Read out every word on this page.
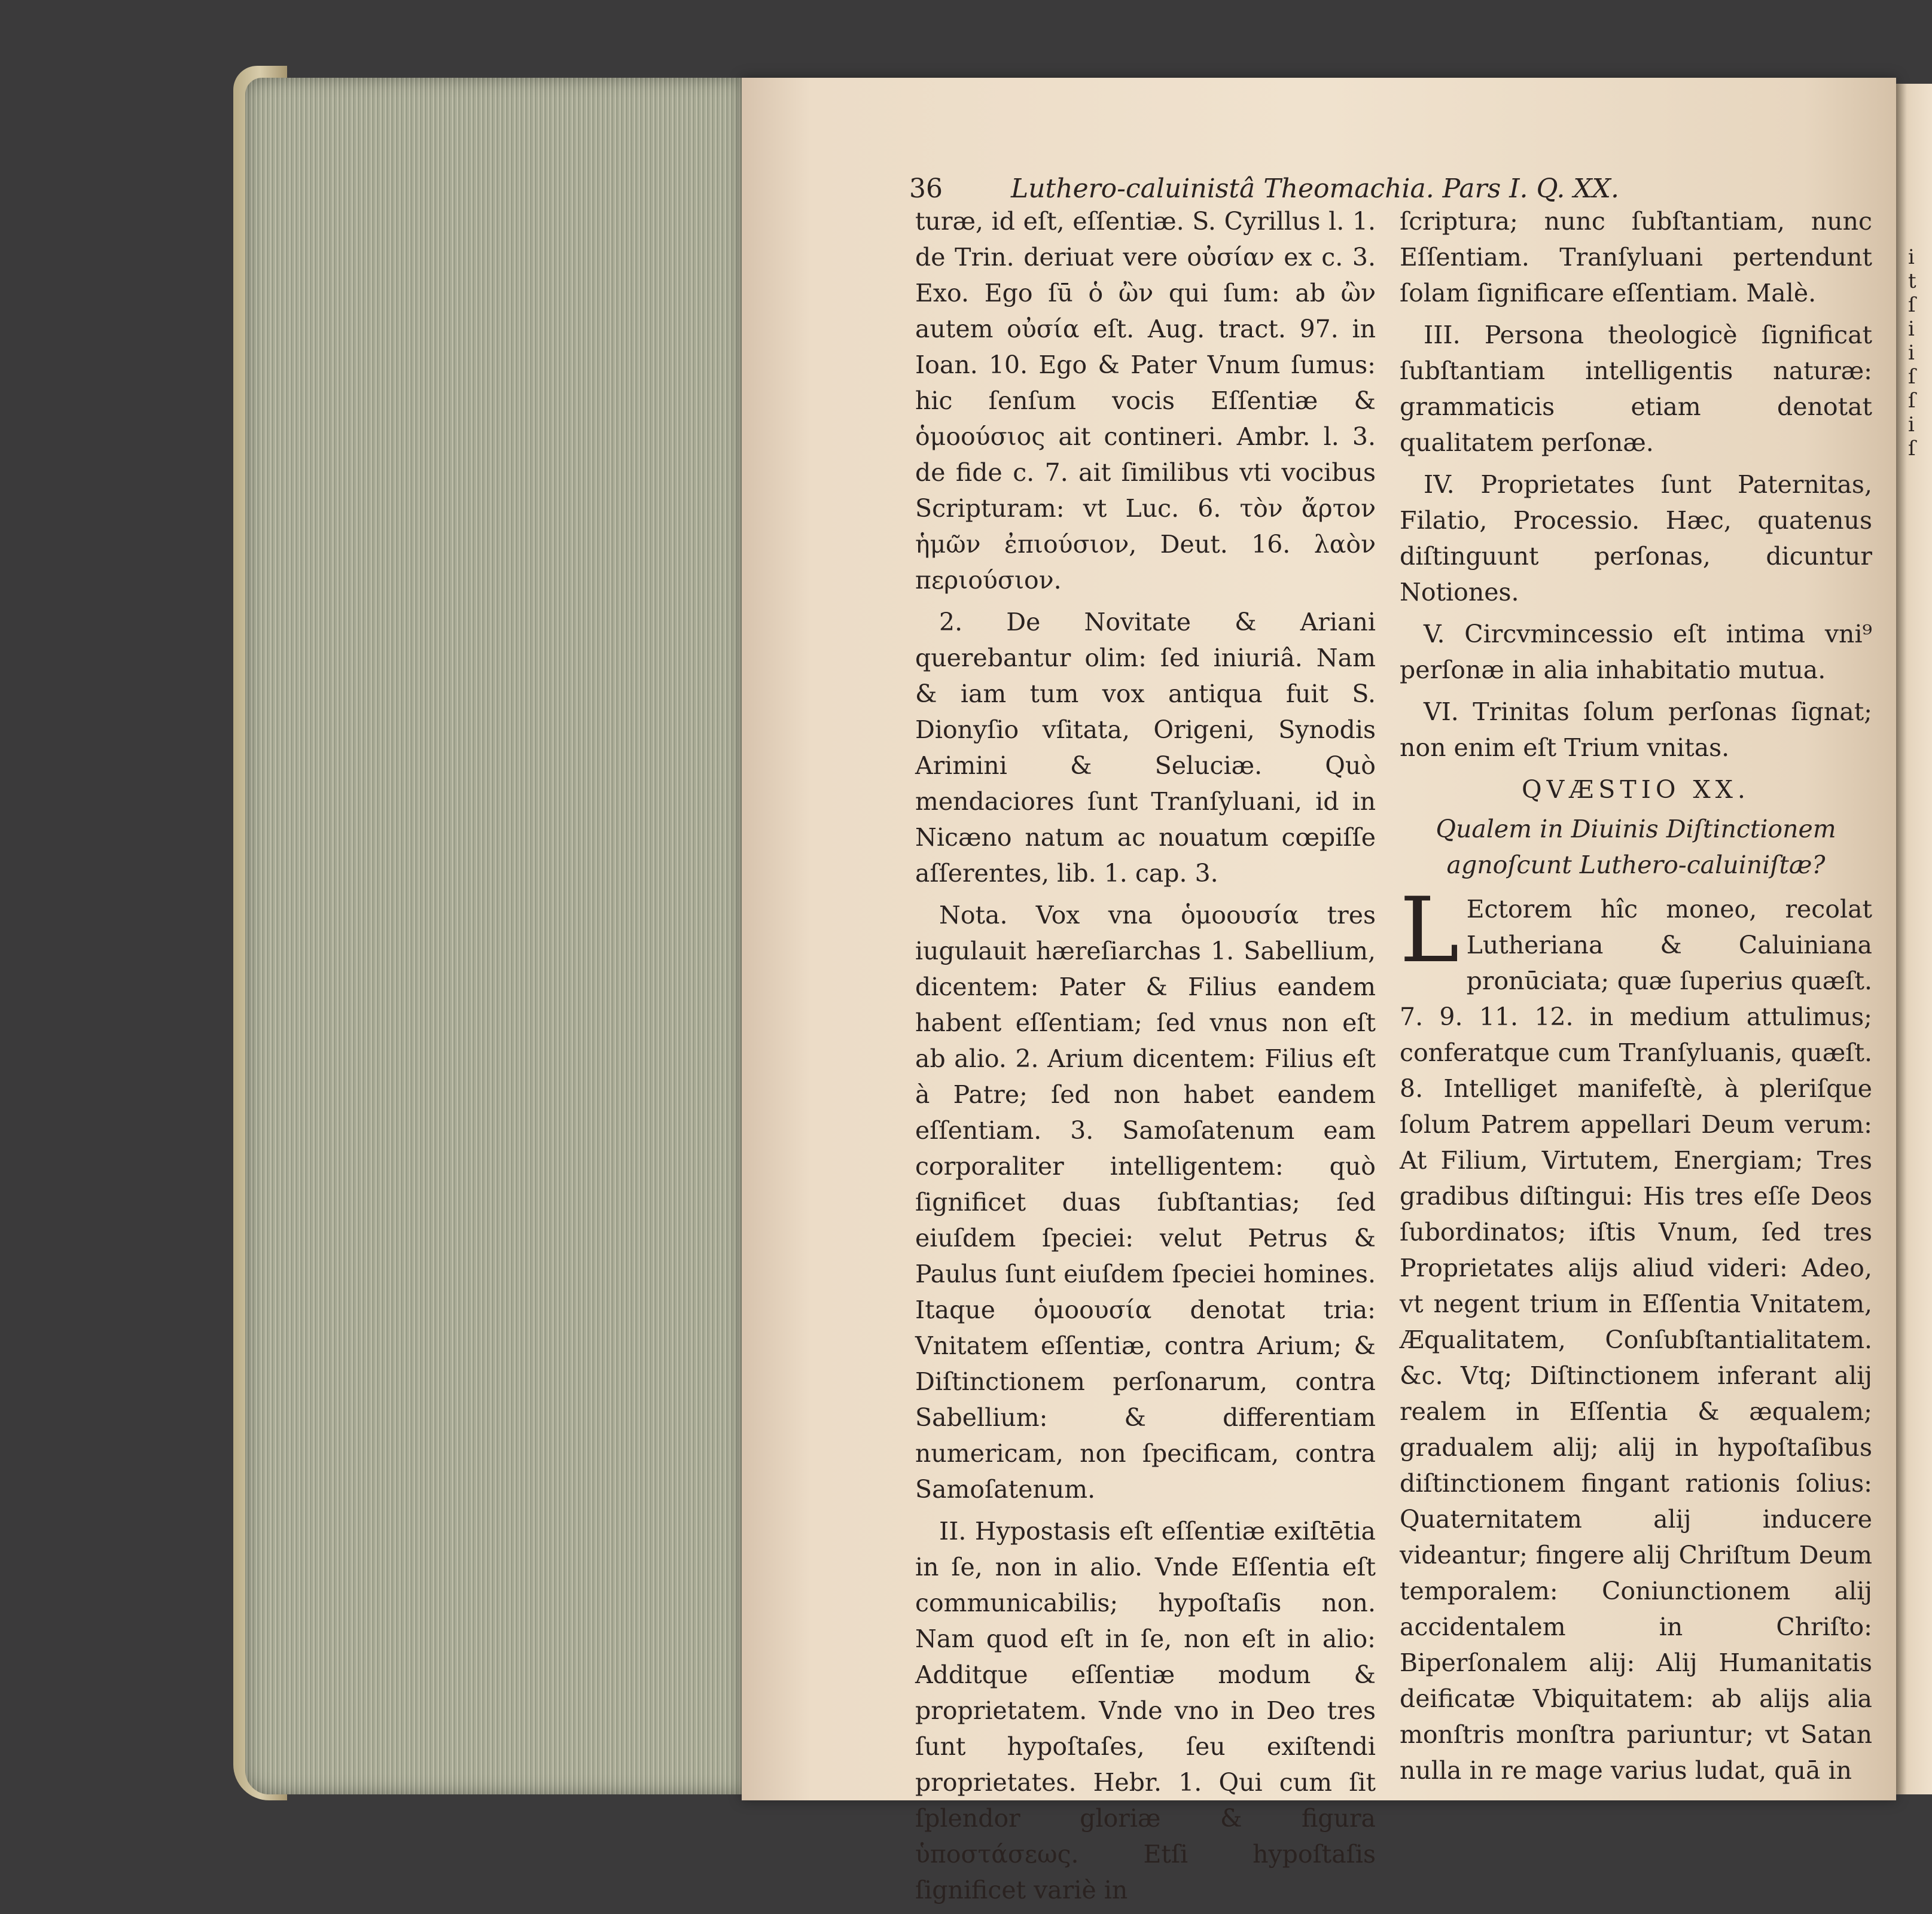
36	Luthero-caluinistâ Theomachia. Pars I. Q. XX.

turæ, id eſt, eſſentiæ. S. Cyrillus l. 1. de Trin. deriuat vere οὐσίαν ex c. 3. Exo. Ego ſū ὁ ὢν qui ſum: ab ὢν autem οὐσία eſt. Aug. tract. 97. in Ioan. 10. Ego & Pater Vnum ſumus: hic ſenſum vocis Eſſentiæ & ὁμοούσιος ait contineri. Ambr. l. 3. de fide c. 7. ait ſimilibus vti vocibus Scripturam: vt Luc. 6. τὸν ἄρτον ἡμῶν ἐπιούσιον, Deut. 16. λαὸν περιούσιον.

2. De Novitate & Ariani querebantur olim: ſed iniuriâ. Nam & iam tum vox antiqua fuit S. Dionyſio vſitata, Origeni, Synodis Arimini & Seluciæ. Quò mendaciores ſunt Tranſyluani, id in Nicæno natum ac nouatum cœpiſſe aſſerentes, lib. 1. cap. 3.

Nota. Vox vna ὁμοουσία tres iugulauit hæreſiarchas 1. Sabellium, dicentem: Pater & Filius eandem habent eſſentiam; ſed vnus non eſt ab alio. 2. Arium dicentem: Filius eſt à Patre; ſed non habet eandem eſſentiam. 3. Samoſatenum eam corporaliter intelligentem: quò ſignificet duas ſubſtantias; ſed eiuſdem ſpeciei: velut Petrus & Paulus ſunt eiuſdem ſpeciei homines. Itaque ὁμοουσία denotat tria: Vnitatem eſſentiæ, contra Arium; & Diſtinctionem perſonarum, contra Sabellium: & differentiam numericam, non ſpecificam, contra Samoſatenum.

II. Hypostasis eſt eſſentiæ exiſtētia in ſe, non in alio. Vnde Eſſentia eſt communicabilis; hypoſtaſis non. Nam quod eſt in ſe, non eſt in alio: Additque eſſentiæ modum & proprietatem. Vnde vno in Deo tres ſunt hypoſtaſes, ſeu exiſtendi proprietates. Hebr. 1. Qui cum ſit ſplendor gloriæ & figura ὑποστάσεως. Etſi hypoſtaſis ſignificet variè in

ſcriptura; nunc ſubſtantiam, nunc Eſſentiam. Tranſyluani pertendunt ſolam ſignificare eſſentiam. Malè.

III. Persona theologicè ſignificat ſubſtantiam intelligentis naturæ: grammaticis etiam denotat qualitatem perſonæ.

IV. Proprietates ſunt Paternitas, Filatio, Processio. Hæc, quatenus diſtinguunt perſonas, dicuntur Notiones.

V. Circvmincessio eſt intima vni⁹ perſonæ in alia inhabitatio mutua.

VI. Trinitas ſolum perſonas ſignat; non enim eſt Trium vnitas.

QVÆSTIO XX.
Qualem in Diuinis Diſtinctionem agnoſcunt Luthero-caluiniſtæ?

L Ectorem hîc moneo, recolat Lutheriana & Caluiniana pronūciata; quæ ſuperius quæſt. 7. 9. 11. 12. in medium attulimus; conferatque cum Tranſyluanis, quæſt. 8. Intelliget manifeſtè, à pleriſque ſolum Patrem appellari Deum verum: At Filium, Virtutem, Energiam; Tres gradibus diſtingui: His tres eſſe Deos ſubordinatos; iſtis Vnum, ſed tres Proprietates alijs aliud videri: Adeo, vt negent trium in Eſſentia Vnitatem, Æqualitatem, Conſubſtantialitatem. &c. Vtq; Diſtinctionem inferant alij realem in Eſſentia & æqualem; gradualem alij; alij in hypoſtaſibus diſtinctionem fingant rationis ſolius: Quaternitatem alij inducere videantur; fingere alij Chriſtum Deum temporalem: Coniunctionem alij accidentalem in Chriſto: Biperſonalem alij: Alij Humanitatis deificatæ Vbiquitatem: ab alijs alia monſtris monſtra pariuntur; vt Satan nulla in re mage varius ludat, quā in

i t ſ i i ſ ſ i ſ
